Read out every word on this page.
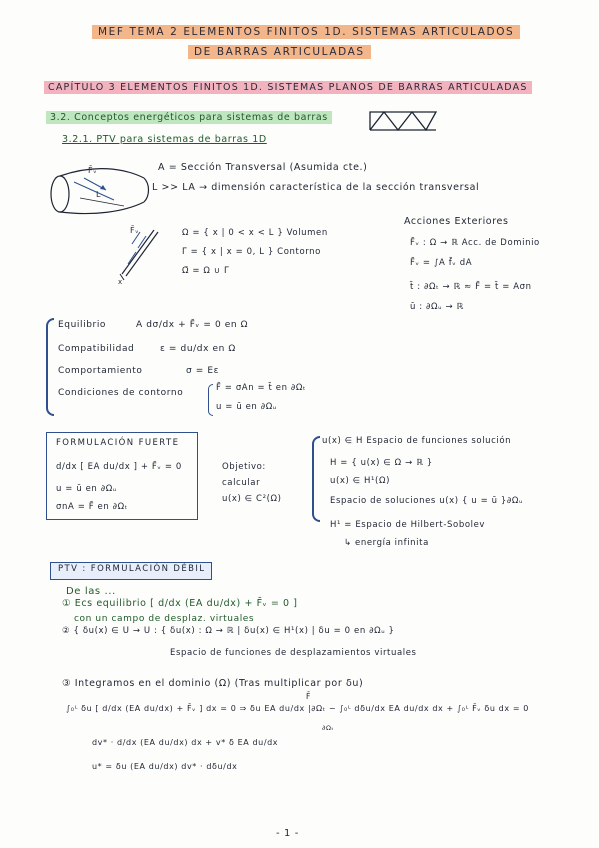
MEF TEMA 2 ELEMENTOS FINITOS 1D. SISTEMAS ARTICULADOS
DE BARRAS ARTICULADAS
CAPÍTULO 3 ELEMENTOS FINITOS 1D. SISTEMAS PLANOS DE BARRAS ARTICULADAS
3.2. Conceptos energéticos para sistemas de barras
3.2.1. PTV para sistemas de barras 1D
A = Sección Transversal (Asumida cte.)
L >> LA → dimensión característica de la sección transversal
F̄ᵥ
L
F̄ᵥ
x
Ω = { x | 0 < x < L } Volumen
Γ = { x | x = 0, L } Contorno
Ω̄ = Ω ∪ Γ
Acciones Exteriores
F̄ᵥ : Ω → ℝ Acc. de Dominio
F̄ᵥ = ∫A f̄ᵥ dA
t̄ : ∂Ωₜ → ℝ ≈ F̄ = t̄ = Aσn
ū : ∂Ωᵤ → ℝ
Equilibrio	A dσ/dx + F̄ᵥ = 0 en Ω
Compatibilidad	ε = du/dx en Ω
Comportamiento	σ = Eε
Condiciones de contorno	F̄ = σAn = t̄ en ∂Ωₜ
u = ū en ∂Ωᵤ
FORMULACIÓN FUERTE
d/dx [ EA du/dx ] + F̄ᵥ = 0
u = ū en ∂Ωᵤ
σnA = F̄ en ∂Ωₜ
Objetivo:
calcular
u(x) ∈ C²(Ω)
u(x) ∈ H Espacio de funciones solución
H = { u(x) ∈ Ω → ℝ }
u(x) ∈ H¹(Ω)
Espacio de soluciones u(x) { u = ū }∂Ωᵤ
H¹ = Espacio de Hilbert-Sobolev
↳ energía infinita
PTV : FORMULACIÓN DÉBIL
De las ...
① Ecs equilibrio [ d/dx (EA du/dx) + F̄ᵥ = 0 ]
con un campo de desplaz. virtuales
② { δu(x) ∈ U → U : { δu(x) : Ω → ℝ | δu(x) ∈ H¹(x) | δu = 0 en ∂Ωᵤ }
Espacio de funciones de desplazamientos virtuales
③ Integramos en el dominio (Ω) (Tras multiplicar por δu)
F̄
∫₀ᴸ δu [ d/dx (EA du/dx) + F̄ᵥ ] dx = 0 ⇒ δu EA du/dx |∂Ωₜ − ∫₀ᴸ dδu/dx EA du/dx dx + ∫₀ᴸ F̄ᵥ δu dx = 0
∂Ωₜ
dv* · d/dx (EA du/dx) dx + v* δ EA du/dx
u* = δu (EA du/dx) dv* · dδu/dx
- 1 -
